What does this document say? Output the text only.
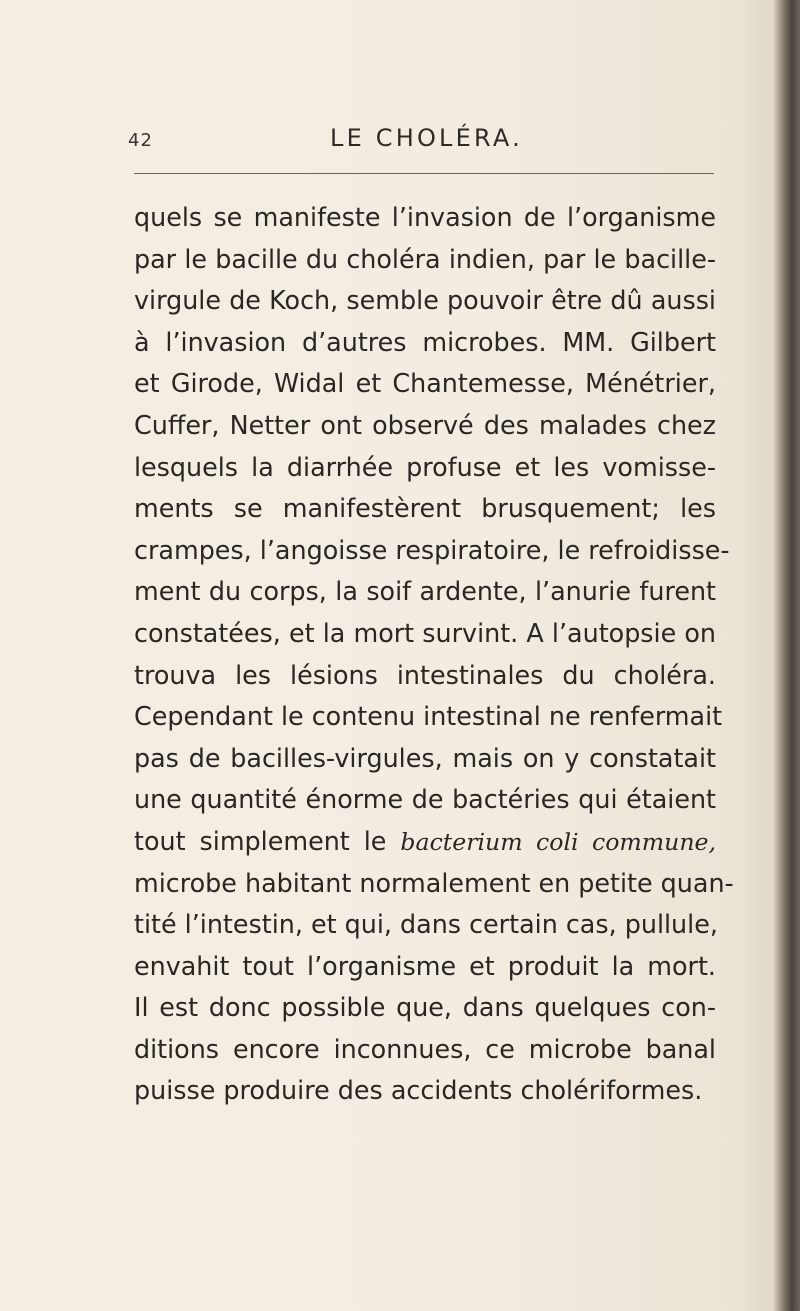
42	LE CHOLÉRA.
quels se manifeste l’invasion de l’organisme
par le bacille du choléra indien, par le bacille-
virgule de Koch, semble pouvoir être dû aussi
à l’invasion d’autres microbes. MM. Gilbert
et Girode, Widal et Chantemesse, Ménétrier,
Cuffer, Netter ont observé des malades chez
lesquels la diarrhée profuse et les vomisse-
ments se manifestèrent brusquement; les
crampes, l’angoisse respiratoire, le refroidisse-
ment du corps, la soif ardente, l’anurie furent
constatées, et la mort survint. A l’autopsie on
trouva les lésions intestinales du choléra.
Cependant le contenu intestinal ne renfermait
pas de bacilles-virgules, mais on y constatait
une quantité énorme de bactéries qui étaient
tout simplement le bacterium coli commune,
microbe habitant normalement en petite quan-
tité l’intestin, et qui, dans certain cas, pullule,
envahit tout l’organisme et produit la mort.
Il est donc possible que, dans quelques con-
ditions encore inconnues, ce microbe banal
puisse produire des accidents cholériformes.
